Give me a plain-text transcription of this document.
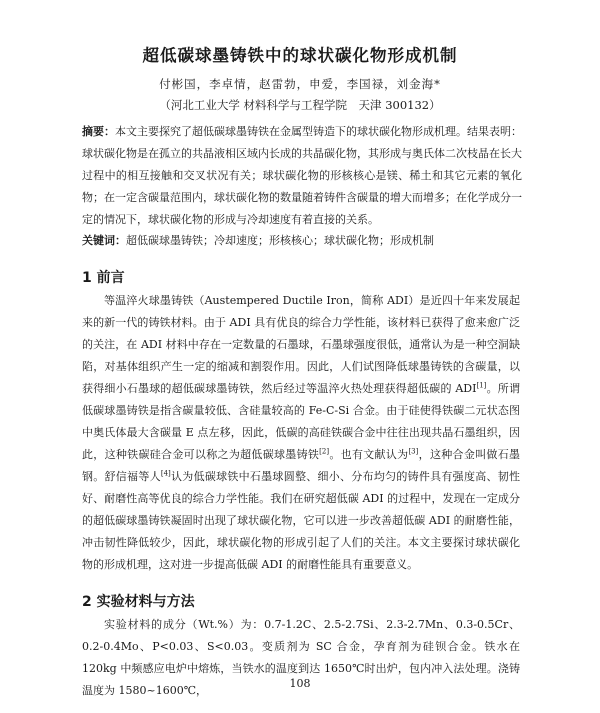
超低碳球墨铸铁中的球状碳化物形成机制
付彬国，李卓情，赵雷勃，申爱，李国禄，刘金海*
（河北工业大学 材料科学与工程学院　天津 300132）
摘要：本文主要探究了超低碳球墨铸铁在金属型铸造下的球状碳化物形成机理。结果表明：球状碳化物是在孤立的共晶液相区域内长成的共晶碳化物，其形成与奥氏体二次枝晶在长大过程中的相互接触和交叉状况有关；球状碳化物的形核核心是镁、稀土和其它元素的氧化物；在一定含碳量范围内，球状碳化物的数量随着铸件含碳量的增大而增多；在化学成分一定的情况下，球状碳化物的形成与冷却速度有着直接的关系。
关键词：超低碳球墨铸铁；冷却速度；形核核心；球状碳化物；形成机制
1 前言
等温淬火球墨铸铁（Austempered Ductile Iron，简称 ADI）是近四十年来发展起来的新一代的铸铁材料。由于 ADI 具有优良的综合力学性能，该材料已获得了愈来愈广泛的关注，在 ADI 材料中存在一定数量的石墨球，石墨球强度很低，通常认为是一种空洞缺陷，对基体组织产生一定的缩减和割裂作用。因此，人们试图降低球墨铸铁的含碳量，以获得细小石墨球的超低碳球墨铸铁，然后经过等温淬火热处理获得超低碳的 ADI[1]。所谓低碳球墨铸铁是指含碳量较低、含硅量较高的 Fe-C-Si 合金。由于硅使得铁碳二元状态图中奥氏体最大含碳量 E 点左移，因此，低碳的高硅铁碳合金中往往出现共晶石墨组织，因此，这种铁碳硅合金可以称之为超低碳球墨铸铁[2]。也有文献认为[3]，这种合金叫做石墨钢。舒信福等人[4]认为低碳球铁中石墨球圆整、细小、分布均匀的铸件具有强度高、韧性好、耐磨性高等优良的综合力学性能。我们在研究超低碳 ADI 的过程中，发现在一定成分的超低碳球墨铸铁凝固时出现了球状碳化物，它可以进一步改善超低碳 ADI 的耐磨性能，冲击韧性降低较少，因此，球状碳化物的形成引起了人们的关注。本文主要探讨球状碳化物的形成机理，这对进一步提高低碳 ADI 的耐磨性能具有重要意义。
2 实验材料与方法
实验材料的成分（Wt.%）为：0.7-1.2C、2.5-2.7Si、2.3-2.7Mn、0.3-0.5Cr、0.2-0.4Mo、P<0.03、S<0.03。变质剂为 SC 合金，孕育剂为硅钡合金。铁水在 120kg 中频感应电炉中熔炼，当铁水的温度到达 1650℃时出炉，包内冲入法处理。浇铸温度为 1580~1600℃，
108
